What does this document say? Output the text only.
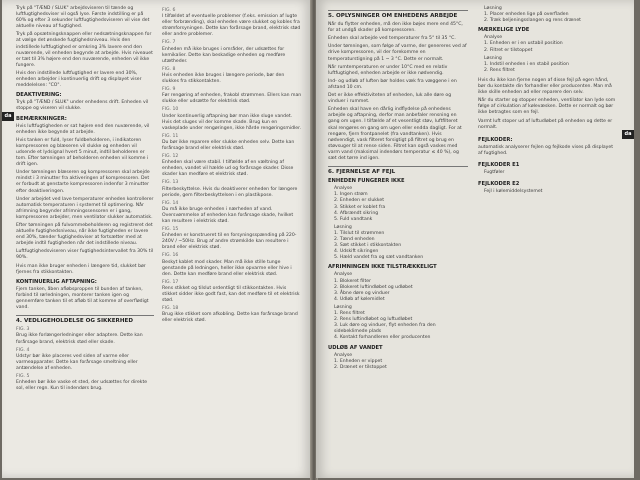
da

Tryk på "TÆND / SLUK" arbejdsviseren til tænde og luftfugtighedsviser vil også lyse. Første indstilling er på 60% og efter 3 sekunder luftfugtighedsviseren vil vise det aktuelle niveau af fugtighed.

Tryk på opsætningsknappen eller nedsætningsknappen for at vælge det ønskede fugtighedsniveau. Hvis den indstillede luftfugtighed er omkring 3% lavere end den nuværende, vil enheden begynde at arbejde. Hvis niveauet er tæt til 3% højere end den nuværende, enheden vil ikke fungere.

Hvis den indstillede luftfugtighed er lavere end 30%, enheden arbejder i kontinuerlig drift og displayet viser meddelelsen: "CO".

DEAKTIVERING:

Tryk på "TÆND / SLUK" under enhedens drift. Enheden vil stoppe og viseren vil slukke.

BEMÆRKNINGER:

Hvis luftfugtigheden er sat højere end den nuværende, vil enheden ikke begynde at arbejde.

Hvis tanken er fuld, lyser fuldbeholderen, i indikatoren kompressoren og blæseren vil slukke og enheden vil udsende et lydsignal hvert 5 minut, indtil beholderen er tom. Efter tømningen af beholderen enheden vil komme i drift igen.

Under tømningen blæseren og kompressoren skal arbejde mindst i 3 minutter fra aktiveringen af kompressoren. Det er forbudt at genstarte kompressoren indenfor 3 minutter efter deaktiveringen.

Under arbejdet ved lave temperaturer enheden kontrollerer automatisk temperaturen i systemet til optimering. Når afrimning begynder afrimningssensoren er i gang, kompressoren arbejder, men ventilator slukker automatisk.

Efter tømningen på fulvommebeholderen og registreret det aktuelle fugtighedsniveau, når ikke fugtigheden er lavere end 30%, tænder fugtighedsviser at fortsætter med at arbejde indtil fugtigheden når det indstillede niveau.

Luftfugtighedsviseren viser fugtighedsintervallet fra 30% til 90%.

Hvis man ikke bruger enheden i længere tid, slukket bør fjernes fra stikkontakten.

KONTINUERLIG AFTAPNING:

Fjern tanken, åben afløbsproppen til bunden af tanken, forbind til rørledningen, monterer tanken igen og gennemføre tanken til et afløb til at komme af overflødigt vand.

4. VEDLIGEHOLDELSE OG SIKKERHED
FIG. 3

Brug ikke forlængerledninger eller adaptere. Dette kan forårsage brand, elektrisk stød eller skade.

FIG. 4

Udstyr bør ikke placeres ved siden af varme eller varmeapparater. Dette kan forårsage smeltning eller antændelse af enheden.

FIG. 5

Enheden bør ikke vaske et sted, der udsættes for direkte sol, eller regn. Kun til indendørs brug.

FIG. 6

I tilfældet af eventuelle problemer (f.eks. emission af lugte eller forbrænding), skal enheden være slukket og kobles fra strømforsyningen. Dette kan forårsage brand, elektrisk stød eller andre problemer.

FIG. 7

Enheden må ikke bruges i områder, der udsættes for kemikalier. Dette kan beskadige enheden og medføre utætheder.

FIG. 8

Hvis enheden ikke bruges i længere periode, bør den slukkes fra stikkontakten.

FIG. 9

Før rengøring af enheden, frakobl strømmen. Ellers kan man slukke eller udsætte for elektrisk stød.

FIG. 10

Under kontinuerlig aftapning bør man ikke sluge vandet. Hvis det sluges vil der komme skade. Brug kun en vaskeplade under rengøringen, ikke hårde rengøringsmidler.

FIG. 11

Du bør ikke reparere eller slukke enheden selv. Dette kan forårsage brand eller elektrisk stød.

FIG. 12

Enheden skal være stabil. I tilfælde af en væltning af enheden, vandet vil hælde ud og forårsage skader. Disse skader kan medføre et elektrisk stød.

FIG. 13

Filterbeskyttelse. Hvis du deaktiverer enheden for længere periode, gem filterbeskyttelsen i en plastikpose.

FIG. 14

Du må ikke bruge enheden i nærheden af vand. Oversvømmelse af enheden kan forårsage skade, hvilket kan resultere i elektrisk stød.

FIG. 15

Enheden er konstrueret til en forsyningsspænding på 220-240V / ~50Hz. Brug af andre strømkilde kan resultere i brand eller elektrisk stød.

FIG. 16

Beskyt kablet mod skader. Man må ikke stille tunge genstande på ledningen, heller ikke opvarme eller hive i den. Dette kan medføre brand eller elektrisk stød.

FIG. 17

Rens stikket og tilslut ordentligt til stikkontakten. Hvis stikket sidder ikke godt fast, kan det medføre til et elektrisk stød.

FIG. 18

Brug ikke stikket som afkobling. Dette kan forårsage brand eller elektrisk stød.

da
5. OPLYSNINGER OM ENHEDENS ARBEJDE

Når du flytter enheden, må den ikke bøjes mere end 45°C, for at undgå skader på kompressoren.

Enheden skal arbejde ved temperaturer fra 5° til 35 °C.

Under tømningen, som følge af varme, der genereres ved af drive kompressoren, vil der forekomme en temperaturstigning på 1 ~ 3 °C. Dette er normalt.

Når rumtemperaturen er under 10°C med en relativ luftfugtighed, enheden arbejde er ikke nødvendig.

Ind- og udløb af luften bør holdes væk fra væggene i en afstand 10 cm.

Det er ikke effektiviteten af enheden, luk alle døre og vinduer i rummet.

Enheden skal have en dårlig indflydelse på enhedens arbejde og aftapning, derfor man anbefaler rensning en gang om ugen. I tilfælde af et vesentligt støv, luftfilteret skal rengøres en gang om ugen eller endda dagligt. For at rengøre, fjern frontpanelet (fra vandtanken). Hvis nødvendigt, vask filteret forsigtigt på filtret og brug en støvsuger til at rense siden. Filtret kan også vaskes med varm vand (maksimal indendørs temperatur ≤ 40 %), og sæt det tørre ind igen.

6. FJERNELSE AF FEJL
ENHEDEN FUNGERER IKKE
Analyse
1. Ingen strøm
2. Enheden er slukket
3. Stikket er koblet fra
4. Afbrændt sikring
5. Fuld vandtank
Løsning
1. Tilslut til strømmen
2. Tænd enheden
3. Sæt stikket i stikkontakten
4. Udskift sikringen
5. Hæld vandet fra og sæt vandtanken
AFRIMNINGEN IKKE TILSTRÆKKELIGT
Analyse
1. Blokeret filter
2. Blokeret luftindløbet og udløbet
3. Åbne døre og vinduer
4. Udløb af kølemidlet
Løsning
1. Rens filtret
2. Rens luftindløbet og luftudløbet
3. Luk døre og vinduer, flyt enheden fra den sidebeklimede plads
4. Kontakt forhandleren eller producenten
UDLØB AF VANDET
Analyse
1. Enheden er vippet
2. Drænet er tilstoppet
Løsning
1. Placer enheden lige på overfladen
2. Træk beljeningsslangen og rens drænet
MÆRKELIGE LYDE
Analyse
1. Enheden er i en ustabil position
2. Filtret er tilstoppet
Løsning
1. Indstil enheden i en stabil position
2. Rens filtret

Hvis du ikke kan fjerne nogen af disse fejl på egen hånd, bør du kontakte din forhandler eller producenten. Man må ikke skille enheden ad eller reparere den selv.

Når du starter og stopper enheden, ventilator kan lyde som følge af cirkulation af kølevæsken. Dette er normalt og bør ikke betragtes som en fejl.

Varmt luft stoper ud af luftudløbet på enheden og dette er normalt.

FEJLKODER:

automatisk analyserer fejlen og fejlkode vises på displayet af fugtighed.

FEJLKODER E1
Fugtføler
FEJLKODER E2
Fejl i kølemiddelsystemet
